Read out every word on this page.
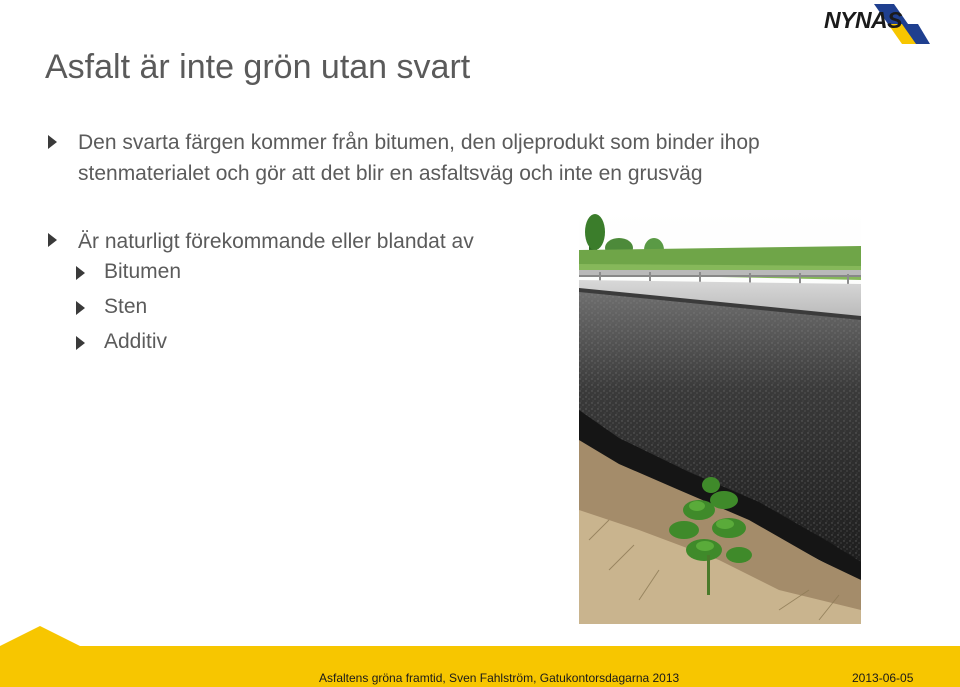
NYNAS
Asfalt är inte grön utan svart
Den svarta färgen kommer från bitumen, den oljeprodukt som binder ihop stenmaterialet och gör att det blir en asfaltsväg och inte en grusväg
Är naturligt förekommande eller blandat av
Bitumen
Sten
Additiv
Asfaltens gröna framtid, Sven Fahlström, Gatukontorsdagarna 2013	2013-06-05
